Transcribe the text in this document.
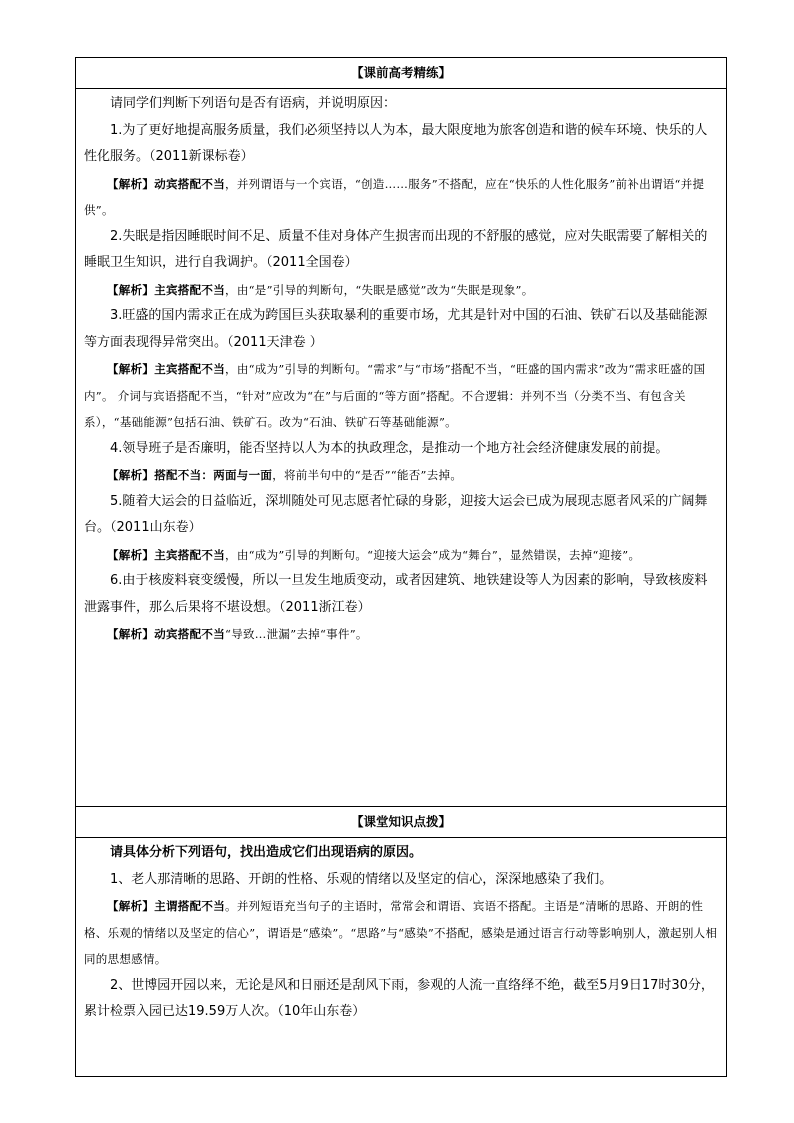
【课前高考精练】

请同学们判断下列语句是否有语病，并说明原因：

1.为了更好地提高服务质量，我们必须坚持以人为本，最大限度地为旅客创造和谐的候车环境、快乐的人性化服务。（2011新课标卷）

【解析】动宾搭配不当，并列谓语与一个宾语，“创造……服务”不搭配，应在“快乐的人性化服务”前补出谓语“并提供”。

2.失眠是指因睡眠时间不足、质量不佳对身体产生损害而出现的不舒服的感觉，应对失眠需要了解相关的睡眠卫生知识，进行自我调护。（2011全国卷）

【解析】主宾搭配不当，由“是”引导的判断句，“失眠是感觉”改为“失眠是现象”。

3.旺盛的国内需求正在成为跨国巨头获取暴利的重要市场，尤其是针对中国的石油、铁矿石以及基础能源等方面表现得异常突出。（2011天津卷 ）

【解析】主宾搭配不当，由“成为”引导的判断句。“需求”与“市场”搭配不当，“旺盛的国内需求”改为“需求旺盛的国内”。 介词与宾语搭配不当，“针对”应改为“在”与后面的“等方面”搭配。不合逻辑：并列不当（分类不当、有包含关系），“基础能源”包括石油、铁矿石。改为“石油、铁矿石等基础能源”。

4.领导班子是否廉明，能否坚持以人为本的执政理念，是推动一个地方社会经济健康发展的前提。

【解析】搭配不当：两面与一面，将前半句中的“是否”“能否”去掉。

5.随着大运会的日益临近，深圳随处可见志愿者忙碌的身影，迎接大运会已成为展现志愿者风采的广阔舞台。（2011山东卷）

【解析】主宾搭配不当，由“成为”引导的判断句。“迎接大运会”成为“舞台”，显然错误，去掉“迎接”。

6.由于核废料衰变缓慢，所以一旦发生地质变动，或者因建筑、地铁建设等人为因素的影响，导致核废料泄露事件，那么后果将不堪设想。（2011浙江卷）

【解析】动宾搭配不当“导致…泄漏”去掉“事件”。

【课堂知识点拨】

请具体分析下列语句，找出造成它们出现语病的原因。

1、老人那清晰的思路、开朗的性格、乐观的情绪以及坚定的信心，深深地感染了我们。

【解析】主谓搭配不当。并列短语充当句子的主语时，常常会和谓语、宾语不搭配。主语是“清晰的思路、开朗的性格、乐观的情绪以及坚定的信心”，谓语是“感染”。“思路”与“感染”不搭配，感染是通过语言行动等影响别人，激起别人相同的思想感情。

2、世博园开园以来，无论是风和日丽还是刮风下雨，参观的人流一直络绎不绝，截至5月9日17时30分，累计检票入园已达19.59万人次。（10年山东卷）
